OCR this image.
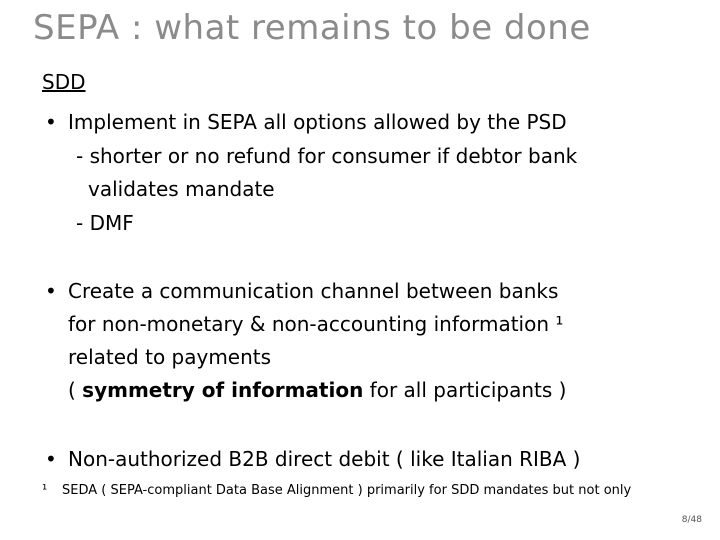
SEPA : what remains to be done
SDD
• Implement in SEPA all options allowed by the PSD
- shorter or no refund for consumer if debtor bank
validates mandate
- DMF
• Create a communication channel between banks
for non-monetary & non-accounting information ¹
related to payments
( symmetry of information for all participants )
• Non-authorized B2B direct debit ( like Italian RIBA )
¹ SEDA ( SEPA-compliant Data Base Alignment ) primarily for SDD mandates but not only
8/48
